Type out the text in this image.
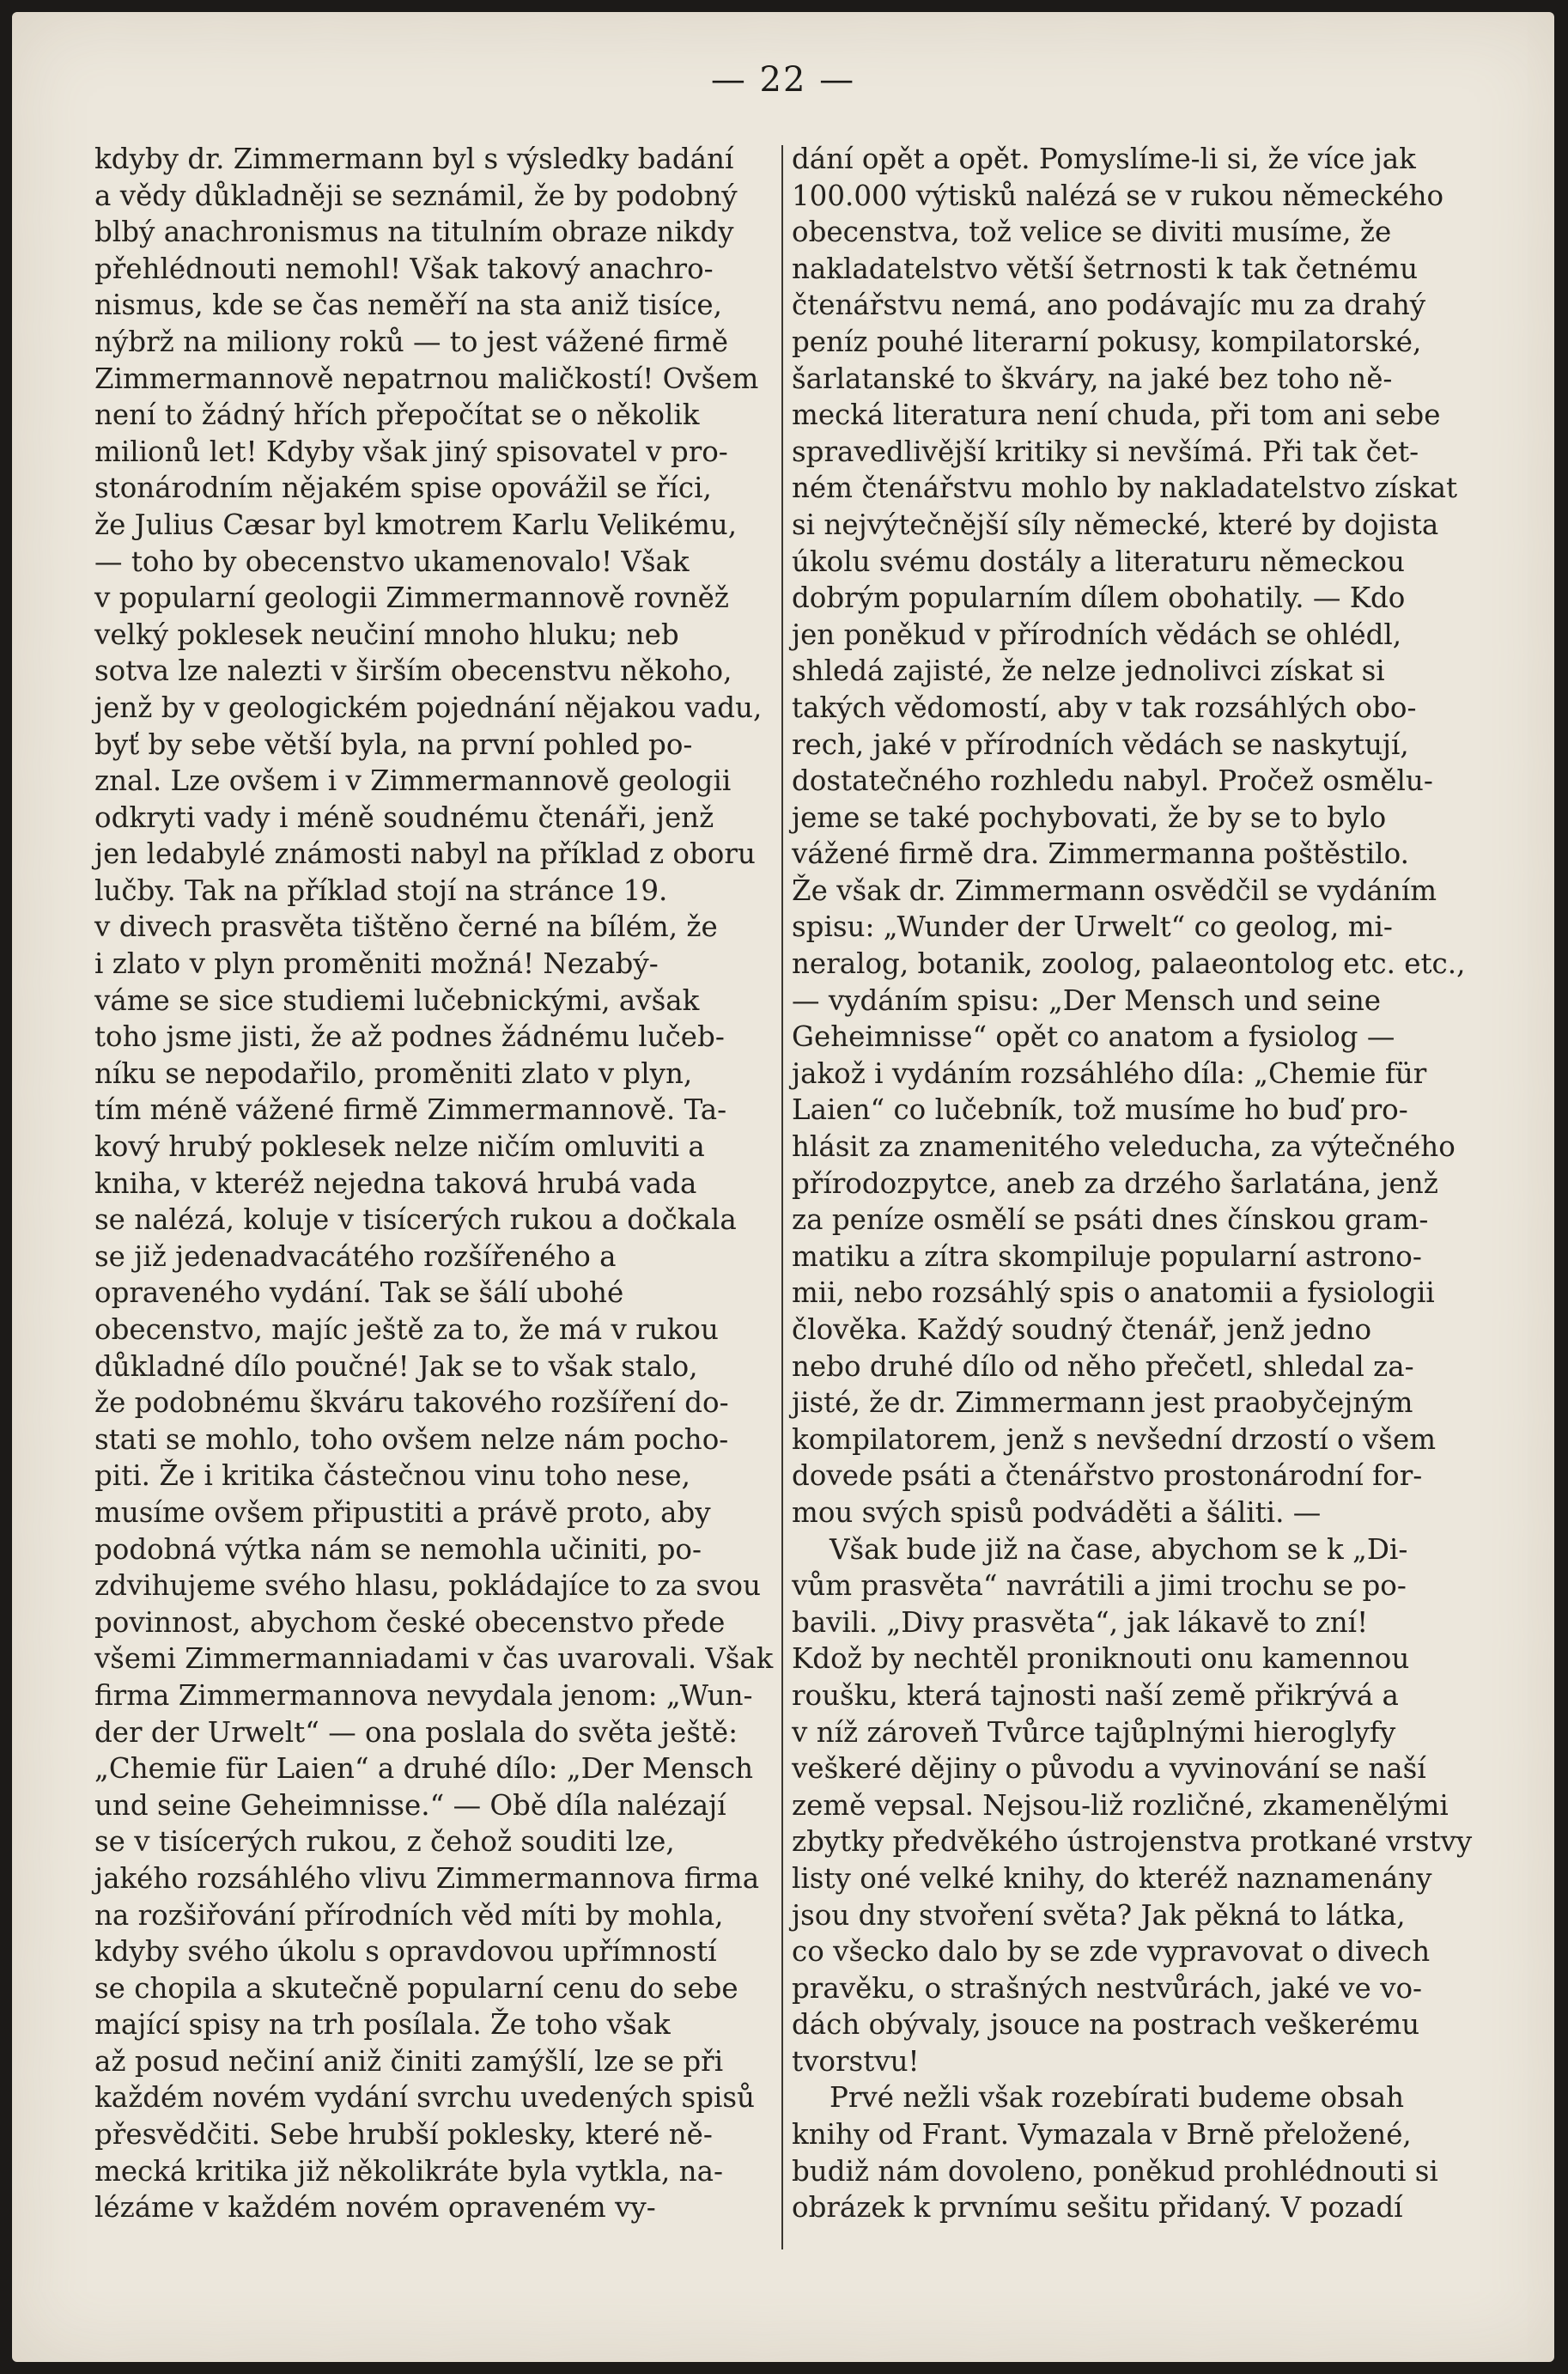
— 22 —
kdyby dr. Zimmermann byl s výsledky badání
a vědy důkladněji se seznámil, že by podobný
blbý anachronismus na titulním obraze nikdy
přehlédnouti nemohl! Však takový anachro-
nismus, kde se čas neměří na sta aniž tisíce,
nýbrž na miliony roků — to jest vážené firmě
Zimmermannově nepatrnou maličkostí! Ovšem
není to žádný hřích přepočítat se o několik
milionů let! Kdyby však jiný spisovatel v pro-
stonárodním nějakém spise opovážil se říci,
že Julius Cæsar byl kmotrem Karlu Velikému,
— toho by obecenstvo ukamenovalo! Však
v popularní geologii Zimmermannově rovněž
velký poklesek neučiní mnoho hluku; neb
sotva lze nalezti v širším obecenstvu někoho,
jenž by v geologickém pojednání nějakou vadu,
byť by sebe větší byla, na první pohled po-
znal. Lze ovšem i v Zimmermannově geologii
odkryti vady i méně soudnému čtenáři, jenž
jen ledabylé známosti nabyl na příklad z oboru
lučby. Tak na příklad stojí na stránce 19.
v divech prasvěta tištěno černé na bílém, že
i zlato v plyn proměniti možná! Nezabý-
váme se sice studiemi lučebnickými, avšak
toho jsme jisti, že až podnes žádnému lučeb-
níku se nepodařilo, proměniti zlato v plyn,
tím méně vážené firmě Zimmermannově. Ta-
kový hrubý poklesek nelze ničím omluviti a
kniha, v kteréž nejedna taková hrubá vada
se nalézá, koluje v tisícerých rukou a dočkala
se již jedenadvacátého rozšířeného a
opraveného vydání. Tak se šálí ubohé
obecenstvo, majíc ještě za to, že má v rukou
důkladné dílo poučné! Jak se to však stalo,
že podobnému škváru takového rozšíření do-
stati se mohlo, toho ovšem nelze nám pocho-
piti. Že i kritika částečnou vinu toho nese,
musíme ovšem připustiti a právě proto, aby
podobná výtka nám se nemohla učiniti, po-
zdvihujeme svého hlasu, pokládajíce to za svou
povinnost, abychom české obecenstvo přede
všemi Zimmermanniadami v čas uvarovali. Však
firma Zimmermannova nevydala jenom: „Wun-
der der Urwelt“ — ona poslala do světa ještě:
„Chemie für Laien“ a druhé dílo: „Der Mensch
und seine Geheimnisse.“ — Obě díla nalézají
se v tisícerých rukou, z čehož souditi lze,
jakého rozsáhlého vlivu Zimmermannova firma
na rozšiřování přírodních věd míti by mohla,
kdyby svého úkolu s opravdovou upřímností
se chopila a skutečně popularní cenu do sebe
mající spisy na trh posílala. Že toho však
až posud nečiní aniž činiti zamýšlí, lze se při
každém novém vydání svrchu uvedených spisů
přesvědčiti. Sebe hrubší poklesky, které ně-
mecká kritika již několikráte byla vytkla, na-
lézáme v každém novém opraveném vy-
dání opět a opět. Pomyslíme-li si, že více jak
100.000 výtisků nalézá se v rukou německého
obecenstva, tož velice se diviti musíme, že
nakladatelstvo větší šetrnosti k tak četnému
čtenářstvu nemá, ano podávajíc mu za drahý
peníz pouhé literarní pokusy, kompilatorské,
šarlatanské to škváry, na jaké bez toho ně-
mecká literatura není chuda, při tom ani sebe
spravedlivější kritiky si nevšímá. Při tak čet-
ném čtenářstvu mohlo by nakladatelstvo získat
si nejvýtečnější síly německé, které by dojista
úkolu svému dostály a literaturu německou
dobrým popularním dílem obohatily. — Kdo
jen poněkud v přírodních vědách se ohlédl,
shledá zajisté, že nelze jednolivci získat si
takých vědomostí, aby v tak rozsáhlých obo-
rech, jaké v přírodních vědách se naskytují,
dostatečného rozhledu nabyl. Pročež osmělu-
jeme se také pochybovati, že by se to bylo
vážené firmě dra. Zimmermanna poštěstilo.
Že však dr. Zimmermann osvědčil se vydáním
spisu: „Wunder der Urwelt“ co geolog, mi-
neralog, botanik, zoolog, palaeontolog etc. etc.,
— vydáním spisu: „Der Mensch und seine
Geheimnisse“ opět co anatom a fysiolog —
jakož i vydáním rozsáhlého díla: „Chemie für
Laien“ co lučebník, tož musíme ho buď pro-
hlásit za znamenitého veleducha, za výtečného
přírodozpytce, aneb za drzého šarlatána, jenž
za peníze osmělí se psáti dnes čínskou gram-
matiku a zítra skompiluje popularní astrono-
mii, nebo rozsáhlý spis o anatomii a fysiologii
člověka. Každý soudný čtenář, jenž jedno
nebo druhé dílo od něho přečetl, shledal za-
jisté, že dr. Zimmermann jest praobyčejným
kompilatorem, jenž s nevšední drzostí o všem
dovede psáti a čtenářstvo prostonárodní for-
mou svých spisů podváděti a šáliti. —
Však bude již na čase, abychom se k „Di-
vům prasvěta“ navrátili a jimi trochu se po-
bavili. „Divy prasvěta“, jak lákavě to zní!
Kdož by nechtěl proniknouti onu kamennou
roušku, která tajnosti naší země přikrývá a
v níž zároveň Tvůrce tajůplnými hieroglyfy
veškeré dějiny o původu a vyvinování se naší
země vepsal. Nejsou-liž rozličné, zkamenělými
zbytky předvěkého ústrojenstva protkané vrstvy
listy oné velké knihy, do kteréž naznamenány
jsou dny stvoření světa? Jak pěkná to látka,
co všecko dalo by se zde vypravovat o divech
pravěku, o strašných nestvůrách, jaké ve vo-
dách obývaly, jsouce na postrach veškerému
tvorstvu!
Prvé nežli však rozebírati budeme obsah
knihy od Frant. Vymazala v Brně přeložené,
budiž nám dovoleno, poněkud prohlédnouti si
obrázek k prvnímu sešitu přidaný. V pozadí
